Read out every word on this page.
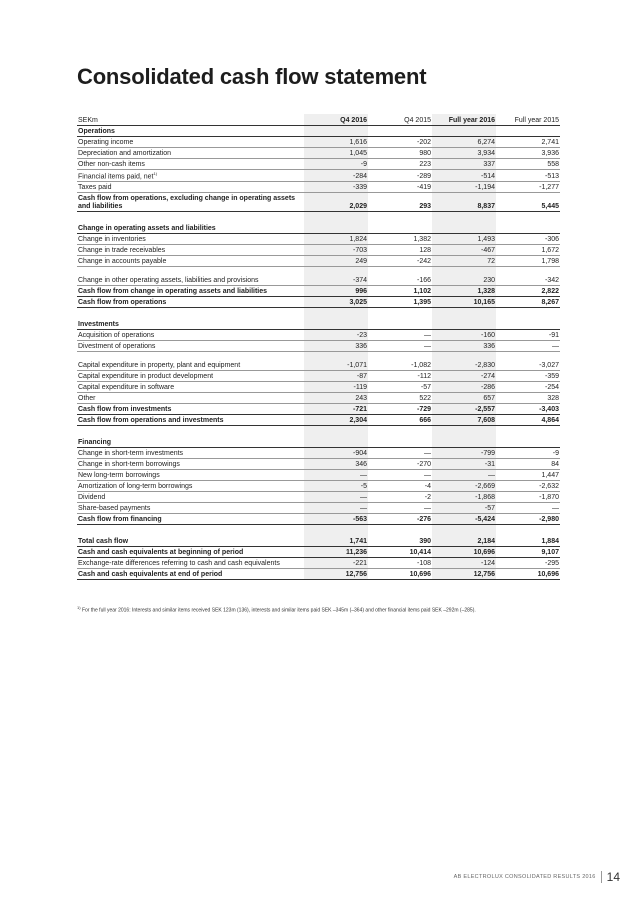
Consolidated cash flow statement
SEKm	Q4 2016	Q4 2015	Full year 2016	Full year 2015
Operations				
Operating income	1,616	-202	6,274	2,741
Depreciation and amortization	1,045	980	3,934	3,936
Other non-cash items	-9	223	337	558
Financial items paid, net$^{1)}$	-284	-289	-514	-513
Taxes paid	-339	-419	-1,194	-1,277
Cash flow from operations, excluding change in operating assets and liabilities	2,029	293	8,837	5,445

Change in operating assets and liabilities				
Change in inventories	1,824	1,382	1,493	-306
Change in trade receivables	-703	128	-467	1,672
Change in accounts payable	249	-242	72	1,798
Change in other operating assets, liabilities and provisions	-374	-166	230	-342
Cash flow from change in operating assets and liabilities	996	1,102	1,328	2,822
Cash flow from operations	3,025	1,395	10,165	8,267

Investments				
Acquisition of operations	-23	—	-160	-91
Divestment of operations	336	—	336	—
Capital expenditure in property, plant and equipment	-1,071	-1,082	-2,830	-3,027
Capital expenditure in product development	-87	-112	-274	-359
Capital expenditure in software	-119	-57	-286	-254
Other	243	522	657	328
Cash flow from investments	-721	-729	-2,557	-3,403
Cash flow from operations and investments	2,304	666	7,608	4,864

Financing				
Change in short-term investments	-904	—	-799	-9
Change in short-term borrowings	346	-270	-31	84
New long-term borrowings	—	—	—	1,447
Amortization of long-term borrowings	-5	-4	-2,669	-2,632
Dividend	—	-2	-1,868	-1,870
Share-based payments	—	—	-57	—
Cash flow from financing	-563	-276	-5,424	-2,980

Total cash flow	1,741	390	2,184	1,884
Cash and cash equivalents at beginning of period	11,236	10,414	10,696	9,107
Exchange-rate differences referring to cash and cash equivalents	-221	-108	-124	-295
Cash and cash equivalents at end of period	12,756	10,696	12,756	10,696
$^{1)}$ For the full year 2016: Interests and similar items received SEK 123m (136), interests and similar items paid SEK –345m (–364) and other financial items paid SEK –292m (–285).
AB ELECTROLUX CONSOLIDATED RESULTS 2016 14
